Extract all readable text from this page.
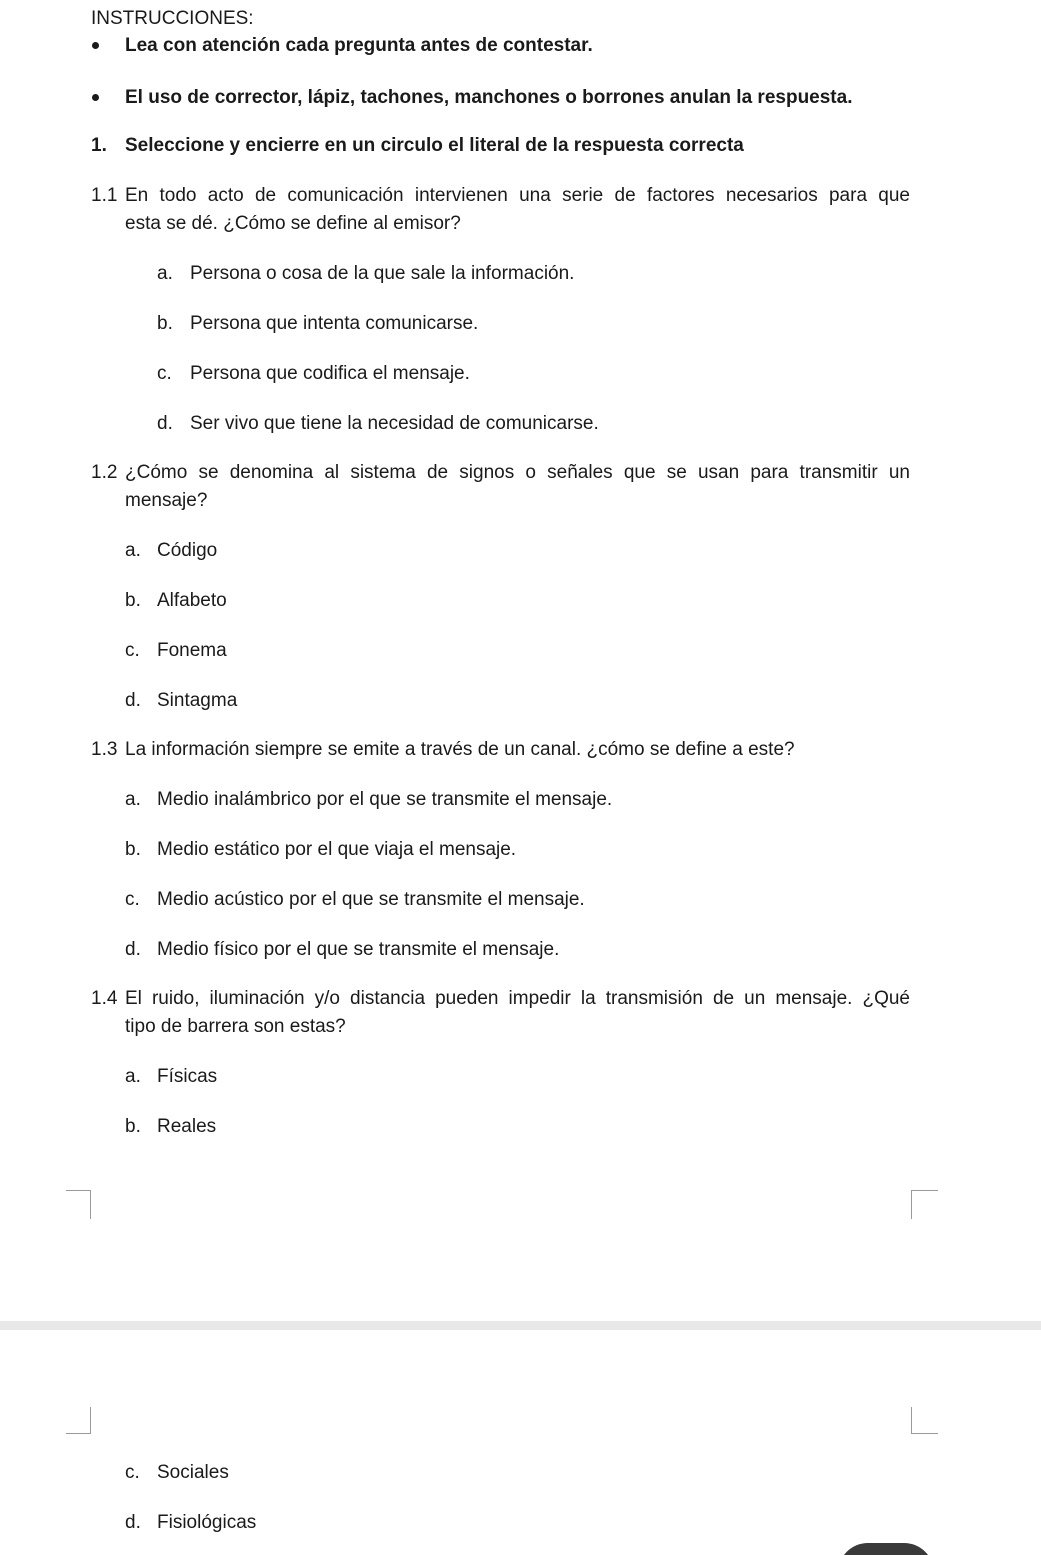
INSTRUCCIONES:
Lea con atención cada pregunta antes de contestar.
El uso de corrector, lápiz, tachones, manchones o borrones anulan la respuesta.
1. Seleccione y encierre en un circulo el literal de la respuesta correcta
1.1 En todo acto de comunicación intervienen una serie de factores necesarios para que
esta se dé. ¿Cómo se define al emisor?
a. Persona o cosa de la que sale la información.
b. Persona que intenta comunicarse.
c. Persona que codifica el mensaje.
d. Ser vivo que tiene la necesidad de comunicarse.
1.2 ¿Cómo se denomina al sistema de signos o señales que se usan para transmitir un
mensaje?
a. Código
b. Alfabeto
c. Fonema
d. Sintagma
1.3 La información siempre se emite a través de un canal. ¿cómo se define a este?
a. Medio inalámbrico por el que se transmite el mensaje.
b. Medio estático por el que viaja el mensaje.
c. Medio acústico por el que se transmite el mensaje.
d. Medio físico por el que se transmite el mensaje.
1.4 El ruido, iluminación y/o distancia pueden impedir la transmisión de un mensaje. ¿Qué
tipo de barrera son estas?
a. Físicas
b. Reales
c. Sociales
d. Fisiológicas
